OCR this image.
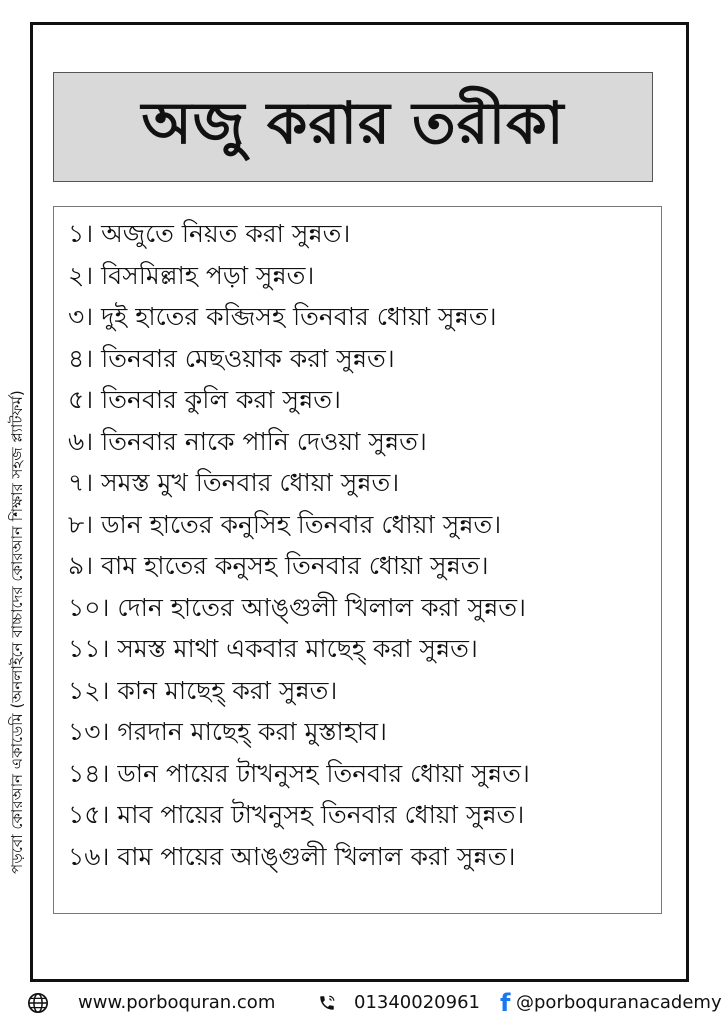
অজু করার তরীকা
১। অজুতে নিয়ত করা সুন্নত।
২। বিসমিল্লাহ পড়া সুন্নত।
৩। দুই হাতের কব্জিসহ তিনবার ধোয়া সুন্নত।
৪। তিনবার মেছওয়াক করা সুন্নত।
৫। তিনবার কুলি করা সুন্নত।
৬। তিনবার নাকে পানি দেওয়া সুন্নত।
৭। সমস্ত মুখ তিনবার ধোয়া সুন্নত।
৮। ডান হাতের কনুসিহ তিনবার ধোয়া সুন্নত।
৯। বাম হাতের কনুসহ তিনবার ধোয়া সুন্নত।
১০। দোন হাতের আঙ্গুলী খিলাল করা সুন্নত।
১১। সমস্ত মাথা একবার মাছেহ্ করা সুন্নত।
১২। কান মাছেহ্ করা সুন্নত।
১৩। গরদান মাছেহ্ করা মুস্তাহাব।
১৪। ডান পায়ের টাখনুসহ তিনবার ধোয়া সুন্নত।
১৫। মাব পায়ের টাখনুসহ তিনবার ধোয়া সুন্নত।
১৬। বাম পায়ের আঙ্গুলী খিলাল করা সুন্নত।
পড়বো কোরআন একাডেমি (অনলাইনে বাচ্চাদের কোরআন শিক্ষার সহজ প্ল্যাটফর্ম)
www.porboquran.com	01340020961 f @porboquranacademy
